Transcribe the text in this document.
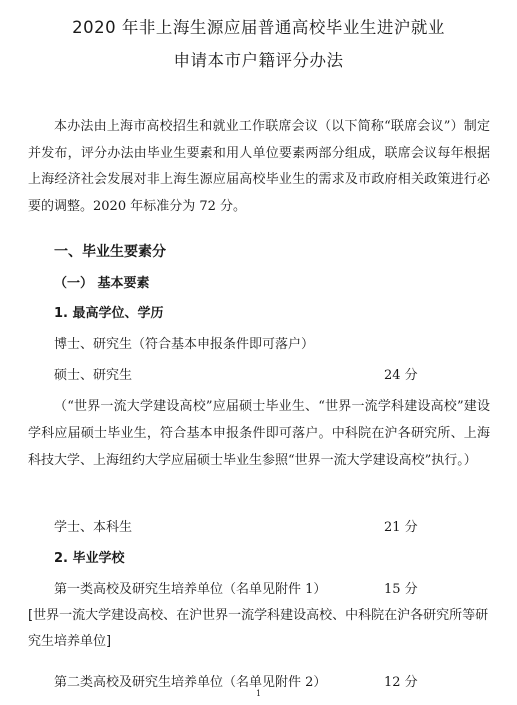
2020 年非上海生源应届普通高校毕业生进沪就业
申请本市户籍评分办法
本办法由上海市高校招生和就业工作联席会议（以下简称“联席会议”）制定并发布，评分办法由毕业生要素和用人单位要素两部分组成，联席会议每年根据上海经济社会发展对非上海生源应届高校毕业生的需求及市政府相关政策进行必要的调整。2020 年标准分为 72 分。
一、毕业生要素分
（一） 基本要素
1. 最高学位、学历
博士、研究生（符合基本申报条件即可落户）
硕士、研究生	24 分
（“世界一流大学建设高校”应届硕士毕业生、“世界一流学科建设高校”建设学科应届硕士毕业生，符合基本申报条件即可落户。中科院在沪各研究所、上海科技大学、上海纽约大学应届硕士毕业生参照“世界一流大学建设高校”执行。）
学士、本科生	21 分
2. 毕业学校
第一类高校及研究生培养单位（名单见附件 1）	15 分
[世界一流大学建设高校、在沪世界一流学科建设高校、中科院在沪各研究所等研究生培养单位]
第二类高校及研究生培养单位（名单见附件 2）	12 分
1
